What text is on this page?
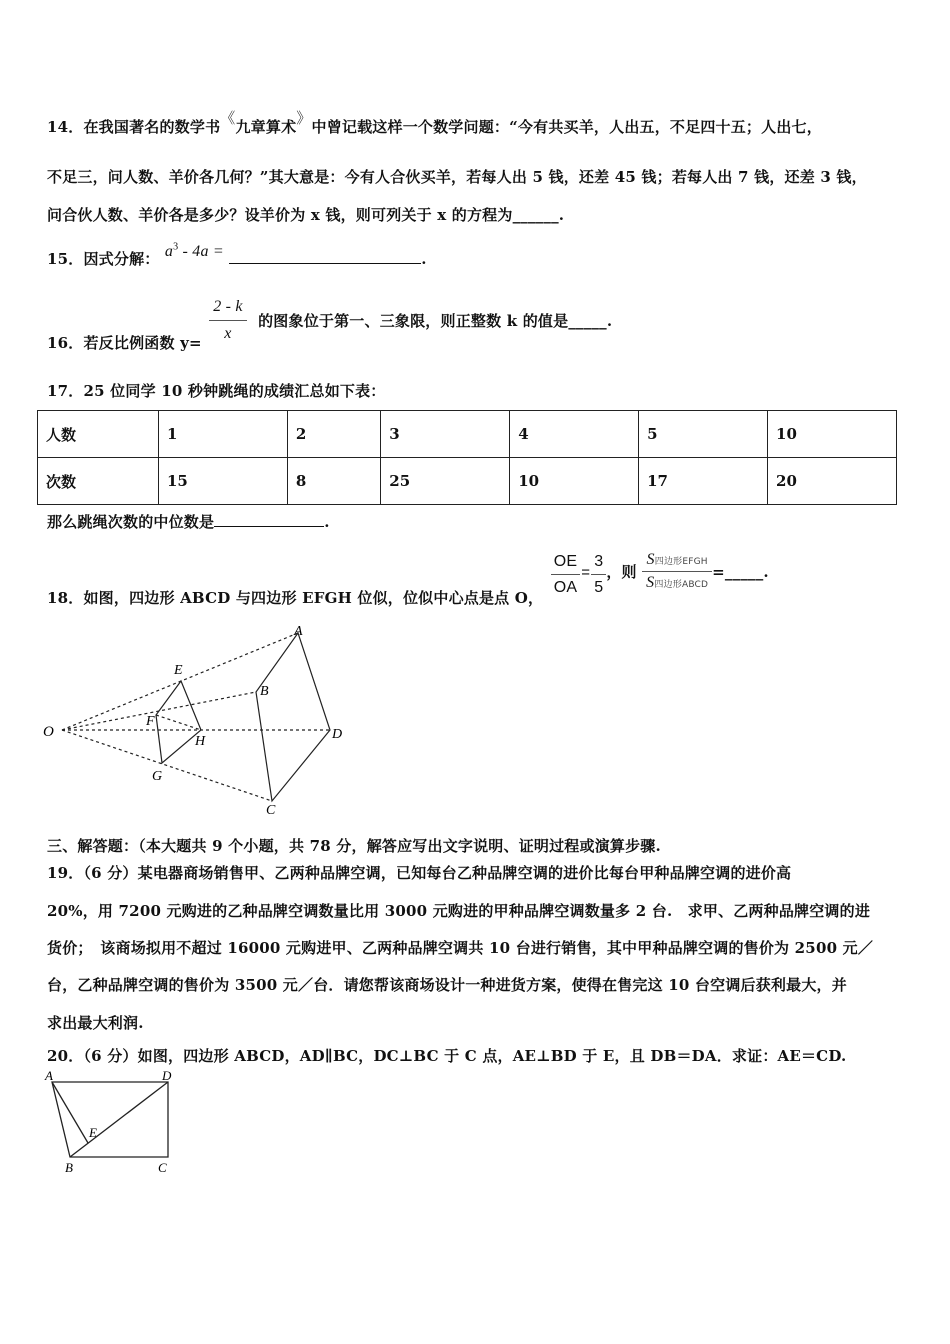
14．在我国著名的数学书《九章算术》中曾记载这样一个数学问题：“今有共买羊，人出五，不足四十五；人出七，
不足三，问人数、羊价各几何？”其大意是：今有人合伙买羊，若每人出 5 钱，还差 45 钱；若每人出 7 钱，还差 3 钱，
问合伙人数、羊价各是多少？设羊价为 x 钱，则可列关于 x 的方程为______.
15．因式分解： $a^3 - 4a$ =	.
16．若反比例函数 y=
$\frac{2 - k}{x}$ 的图象位于第一、三象限，则正整数 k 的值是_____.
17．25 位同学 10 秒钟跳绳的成绩汇总如下表：
人数	1	2	3	4	5	10
次数	15	8	25	10	17	20
那么跳绳次数的中位数是	.
18．如图，四边形 ABCD 与四边形 EFGH 位似，位似中心点是点 O，
$\frac{OE}{OA} = \frac{3}{5}$ ，则 $\frac{\text{S四边形EFGH}}{\text{S四边形ABCD}}$ =_____.
O
E
F
G
H
A
B
C
D
三、解答题：（本大题共 9 个小题，共 78 分，解答应写出文字说明、证明过程或演算步骤.
19．（6 分）某电器商场销售甲、乙两种品牌空调，已知每台乙种品牌空调的进价比每台甲种品牌空调的进价高
20%，用 7200 元购进的乙种品牌空调数量比用 3000 元购进的甲种品牌空调数量多 2 台.　求甲、乙两种品牌空调的进
货价；　该商场拟用不超过 16000 元购进甲、乙两种品牌空调共 10 台进行销售，其中甲种品牌空调的售价为 2500 元／
台，乙种品牌空调的售价为 3500 元／台．请您帮该商场设计一种进货方案，使得在售完这 10 台空调后获利最大，并
求出最大利润.
20．（6 分）如图，四边形 ABCD，AD∥BC，DC⊥BC 于 C 点，AE⊥BD 于 E，且 DB＝DA．求证：AE＝CD.
A	D
E
B	C
